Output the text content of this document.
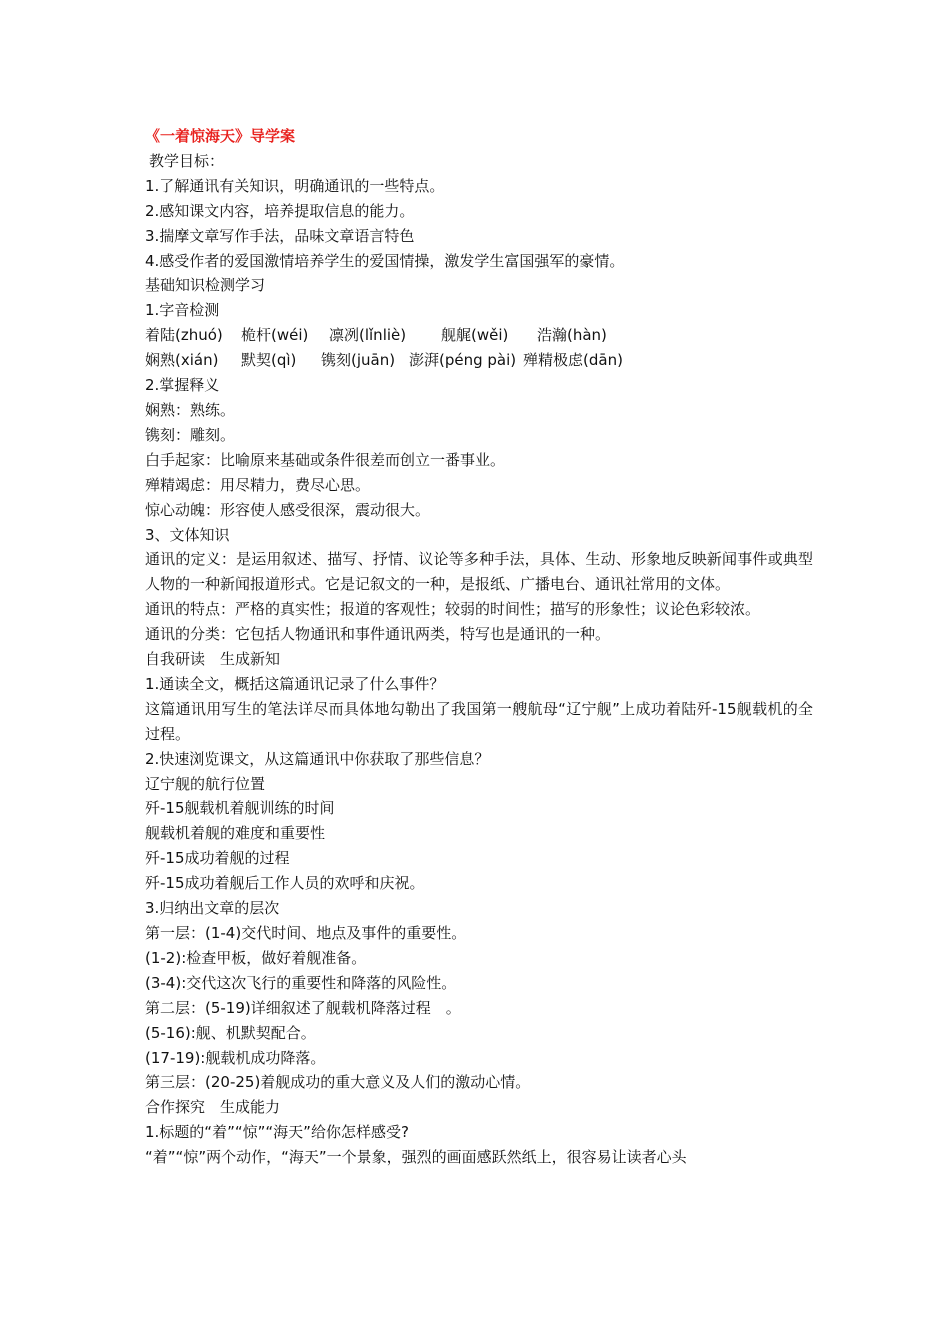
《一着惊海天》导学案
教学目标：
1.了解通讯有关知识，明确通讯的一些特点。
2.感知课文内容，培养提取信息的能力。
3.揣摩文章写作手法，品味文章语言特色
4.感受作者的爱国激情培养学生的爱国情操，激发学生富国强军的豪情。
基础知识检测学习
1.字音检测
着陆(zhuó) 桅杆(wéi) 凛冽(lǐnliè) 舰艉(wěi) 浩瀚(hàn)
娴熟(xián) 默契(qì) 镌刻(juān) 澎湃(péng pài) 殚精极虑(dān)
2.掌握释义
娴熟：熟练。
镌刻：雕刻。
白手起家：比喻原来基础或条件很差而创立一番事业。
殚精竭虑：用尽精力，费尽心思。
惊心动魄：形容使人感受很深，震动很大。
3、文体知识
通讯的定义：是运用叙述、描写、抒情、议论等多种手法，具体、生动、形象地反映新闻事件或典型人物的一种新闻报道形式。它是记叙文的一种，是报纸、广播电台、通讯社常用的文体。
通讯的特点：严格的真实性；报道的客观性；较弱的时间性；描写的形象性；议论色彩较浓。
通讯的分类：它包括人物通讯和事件通讯两类，特写也是通讯的一种。
自我研读　生成新知
1.通读全文，概括这篇通讯记录了什么事件？
这篇通讯用写生的笔法详尽而具体地勾勒出了我国第一艘航母“辽宁舰”上成功着陆歼-15舰载机的全过程。
2.快速浏览课文，从这篇通讯中你获取了那些信息？
辽宁舰的航行位置
歼-15舰载机着舰训练的时间
舰载机着舰的难度和重要性
歼-15成功着舰的过程
歼-15成功着舰后工作人员的欢呼和庆祝。
3.归纳出文章的层次
第一层：(1-4)交代时间、地点及事件的重要性。
(1-2):检查甲板，做好着舰准备。
(3-4):交代这次飞行的重要性和降落的风险性。
第二层：(5-19)详细叙述了舰载机降落过程　。
(5-16):舰、机默契配合。
(17-19):舰载机成功降落。
第三层：(20-25)着舰成功的重大意义及人们的激动心情。
合作探究　生成能力
1.标题的“着”“惊”“海天”给你怎样感受?
“着”“惊”两个动作，“海天”一个景象，强烈的画面感跃然纸上，很容易让读者心头
